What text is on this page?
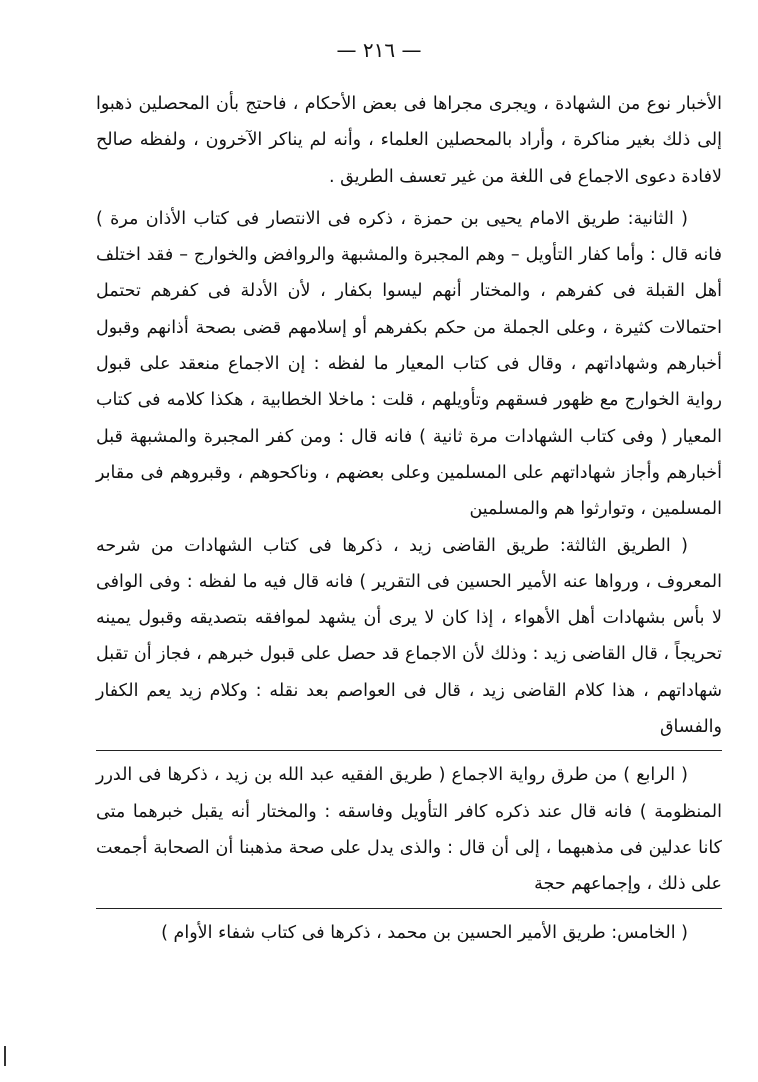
— ٢١٦ —

الأخبار نوع من الشهادة ، ويجرى مجراها فى بعض الأحكام ، فاحتج بأن المحصلين ذهبوا إلى ذلك بغير مناكرة ، وأراد بالمحصلين العلماء ، وأنه لم يناكر الآخرون ، ولفظه صالح لافادة دعوى الاجماع فى اللغة من غير تعسف الطريق .

( الثانية: طريق الامام يحيى بن حمزة ، ذكره فى الانتصار فى كتاب الأذان مرة ) فانه قال : وأما كفار التأويل – وهم المجبرة والمشبهة والروافض والخوارج – فقد اختلف أهل القبلة فى كفرهم ، والمختار أنهم ليسوا بكفار ، لأن الأدلة فى كفرهم تحتمل احتمالات كثيرة ، وعلى الجملة من حكم بكفرهم أو إسلامهم قضى بصحة أذانهم وقبول أخبارهم وشهاداتهم ، وقال فى كتاب المعيار ما لفظه : إن الاجماع منعقد على قبول رواية الخوارج مع ظهور فسقهم وتأويلهم ، قلت : ماخلا الخطابية ، هكذا كلامه فى كتاب المعيار ( وفى كتاب الشهادات مرة ثانية ) فانه قال : ومن كفر المجبرة والمشبهة قبل أخبارهم وأجاز شهاداتهم على المسلمين وعلى بعضهم ، وناكحوهم ، وقبروهم فى مقابر المسلمين ، وتوارثوا هم والمسلمين

( الطريق الثالثة: طريق القاضى زيد ، ذكرها فى كتاب الشهادات من شرحه المعروف ، ورواها عنه الأمير الحسين فى التقرير ) فانه قال فيه ما لفظه : وفى الوافى لا بأس بشهادات أهل الأهواء ، إذا كان لا يرى أن يشهد لموافقه بتصديقه وقبول يمينه تحريجاً ، قال القاضى زيد : وذلك لأن الاجماع قد حصل على قبول خبرهم ، فجاز أن تقبل شهاداتهم ، هذا كلام القاضى زيد ، قال فى العواصم بعد نقله : وكلام زيد يعم الكفار والفساق

( الرابع ) من طرق رواية الاجماع ( طريق الفقيه عبد الله بن زيد ، ذكرها فى الدرر المنظومة ) فانه قال عند ذكره كافر التأويل وفاسقه : والمختار أنه يقبل خبرهما متى كانا عدلين فى مذهبهما ، إلى أن قال : والذى يدل على صحة مذهبنا أن الصحابة أجمعت على ذلك ، وإجماعهم حجة

( الخامس: طريق الأمير الحسين بن محمد ، ذكرها فى كتاب شفاء الأوام )
